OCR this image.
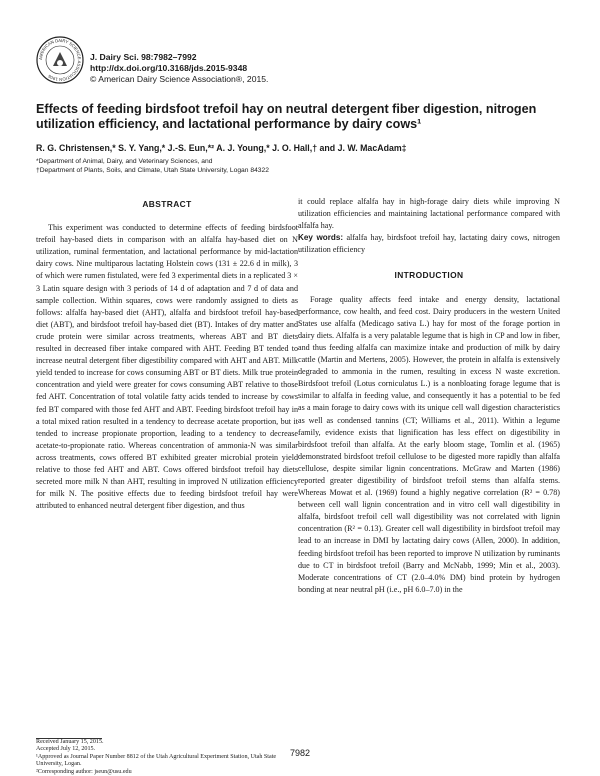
AMERICAN DAIRY SCIENCE ASSOCIATION 1906
J. Dairy Sci. 98:7982–7992
http://dx.doi.org/10.3168/jds.2015-9348
© American Dairy Science Association®, 2015.
Effects of feeding birdsfoot trefoil hay on neutral detergent fiber digestion, nitrogen utilization efficiency, and lactational performance by dairy cows¹
R. G. Christensen,* S. Y. Yang,* J.-S. Eun,*² A. J. Young,* J. O. Hall,† and J. W. MacAdam‡
*Department of Animal, Dairy, and Veterinary Sciences, and
†Department of Plants, Soils, and Climate, Utah State University, Logan 84322
ABSTRACT

This experiment was conducted to determine effects of feeding birdsfoot trefoil hay-based diets in comparison with an alfalfa hay-based diet on N utilization, ruminal fermentation, and lactational performance by mid-lactation dairy cows. Nine multiparous lactating Holstein cows (131 ± 22.6 d in milk), 3 of which were rumen fistulated, were fed 3 experimental diets in a replicated 3 × 3 Latin square design with 3 periods of 14 d of adaptation and 7 d of data and sample collection. Within squares, cows were randomly assigned to diets as follows: alfalfa hay-based diet (AHT), alfalfa and birdsfoot trefoil hay-based diet (ABT), and birdsfoot trefoil hay-based diet (BT). Intakes of dry matter and crude protein were similar across treatments, whereas ABT and BT diets resulted in decreased fiber intake compared with AHT. Feeding BT tended to increase neutral detergent fiber digestibility compared with AHT and ABT. Milk yield tended to increase for cows consuming ABT or BT diets. Milk true protein concentration and yield were greater for cows consuming ABT relative to those fed AHT. Concentration of total volatile fatty acids tended to increase by cows fed BT compared with those fed AHT and ABT. Feeding birdsfoot trefoil hay in a total mixed ration resulted in a tendency to decrease acetate proportion, but it tended to increase propionate proportion, leading to a tendency to decrease acetate-to-propionate ratio. Whereas concentration of ammonia-N was similar across treatments, cows offered BT exhibited greater microbial protein yield relative to those fed AHT and ABT. Cows offered birdsfoot trefoil hay diets secreted more milk N than AHT, resulting in improved N utilization efficiency for milk N. The positive effects due to feeding birdsfoot trefoil hay were attributed to enhanced neutral detergent fiber digestion, and thus

it could replace alfalfa hay in high-forage dairy diets while improving N utilization efficiencies and maintaining lactational performance compared with alfalfa hay.

Key words: alfalfa hay, birdsfoot trefoil hay, lactating dairy cows, nitrogen utilization efficiency

INTRODUCTION

Forage quality affects feed intake and energy density, lactational performance, cow health, and feed cost. Dairy producers in the western United States use alfalfa (Medicago sativa L.) hay for most of the forage portion in dairy diets. Alfalfa is a very palatable legume that is high in CP and low in fiber, and thus feeding alfalfa can maximize intake and production of milk by dairy cattle (Martin and Mertens, 2005). However, the protein in alfalfa is extensively degraded to ammonia in the rumen, resulting in excess N waste excretion. Birdsfoot trefoil (Lotus corniculatus L.) is a nonbloating forage legume that is similar to alfalfa in feeding value, and consequently it has a potential to be fed as a main forage to dairy cows with its unique cell wall digestion characteristics as well as condensed tannins (CT; Williams et al., 2011). Within a legume family, evidence exists that lignification has less effect on digestibility in birdsfoot trefoil than alfalfa. At the early bloom stage, Tomlin et al. (1965) demonstrated birdsfoot trefoil cellulose to be digested more rapidly than alfalfa cellulose, despite similar lignin concentrations. McGraw and Marten (1986) reported greater digestibility of birdsfoot trefoil stems than alfalfa stems. Whereas Mowat et al. (1969) found a highly negative correlation (R² = 0.78) between cell wall lignin concentration and in vitro cell wall digestibility in alfalfa, birdsfoot trefoil cell wall digestibility was not correlated with lignin concentration (R² = 0.13). Greater cell wall digestibility in birdsfoot trefoil may lead to an increase in DMI by lactating dairy cows (Allen, 2000). In addition, feeding birdsfoot trefoil has been reported to improve N utilization by ruminants due to CT in birdsfoot trefoil (Barry and McNabb, 1999; Min et al., 2003). Moderate concentrations of CT (2.0–4.0% DM) bind protein by hydrogen bonding at near neutral pH (i.e., pH 6.0–7.0) in the

Received January 15, 2015.

Accepted July 12, 2015.

¹Approved as Journal Paper Number 8812 of the Utah Agricultural Experiment Station, Utah State University, Logan.

²Corresponding author: jseun@usu.edu

7982
